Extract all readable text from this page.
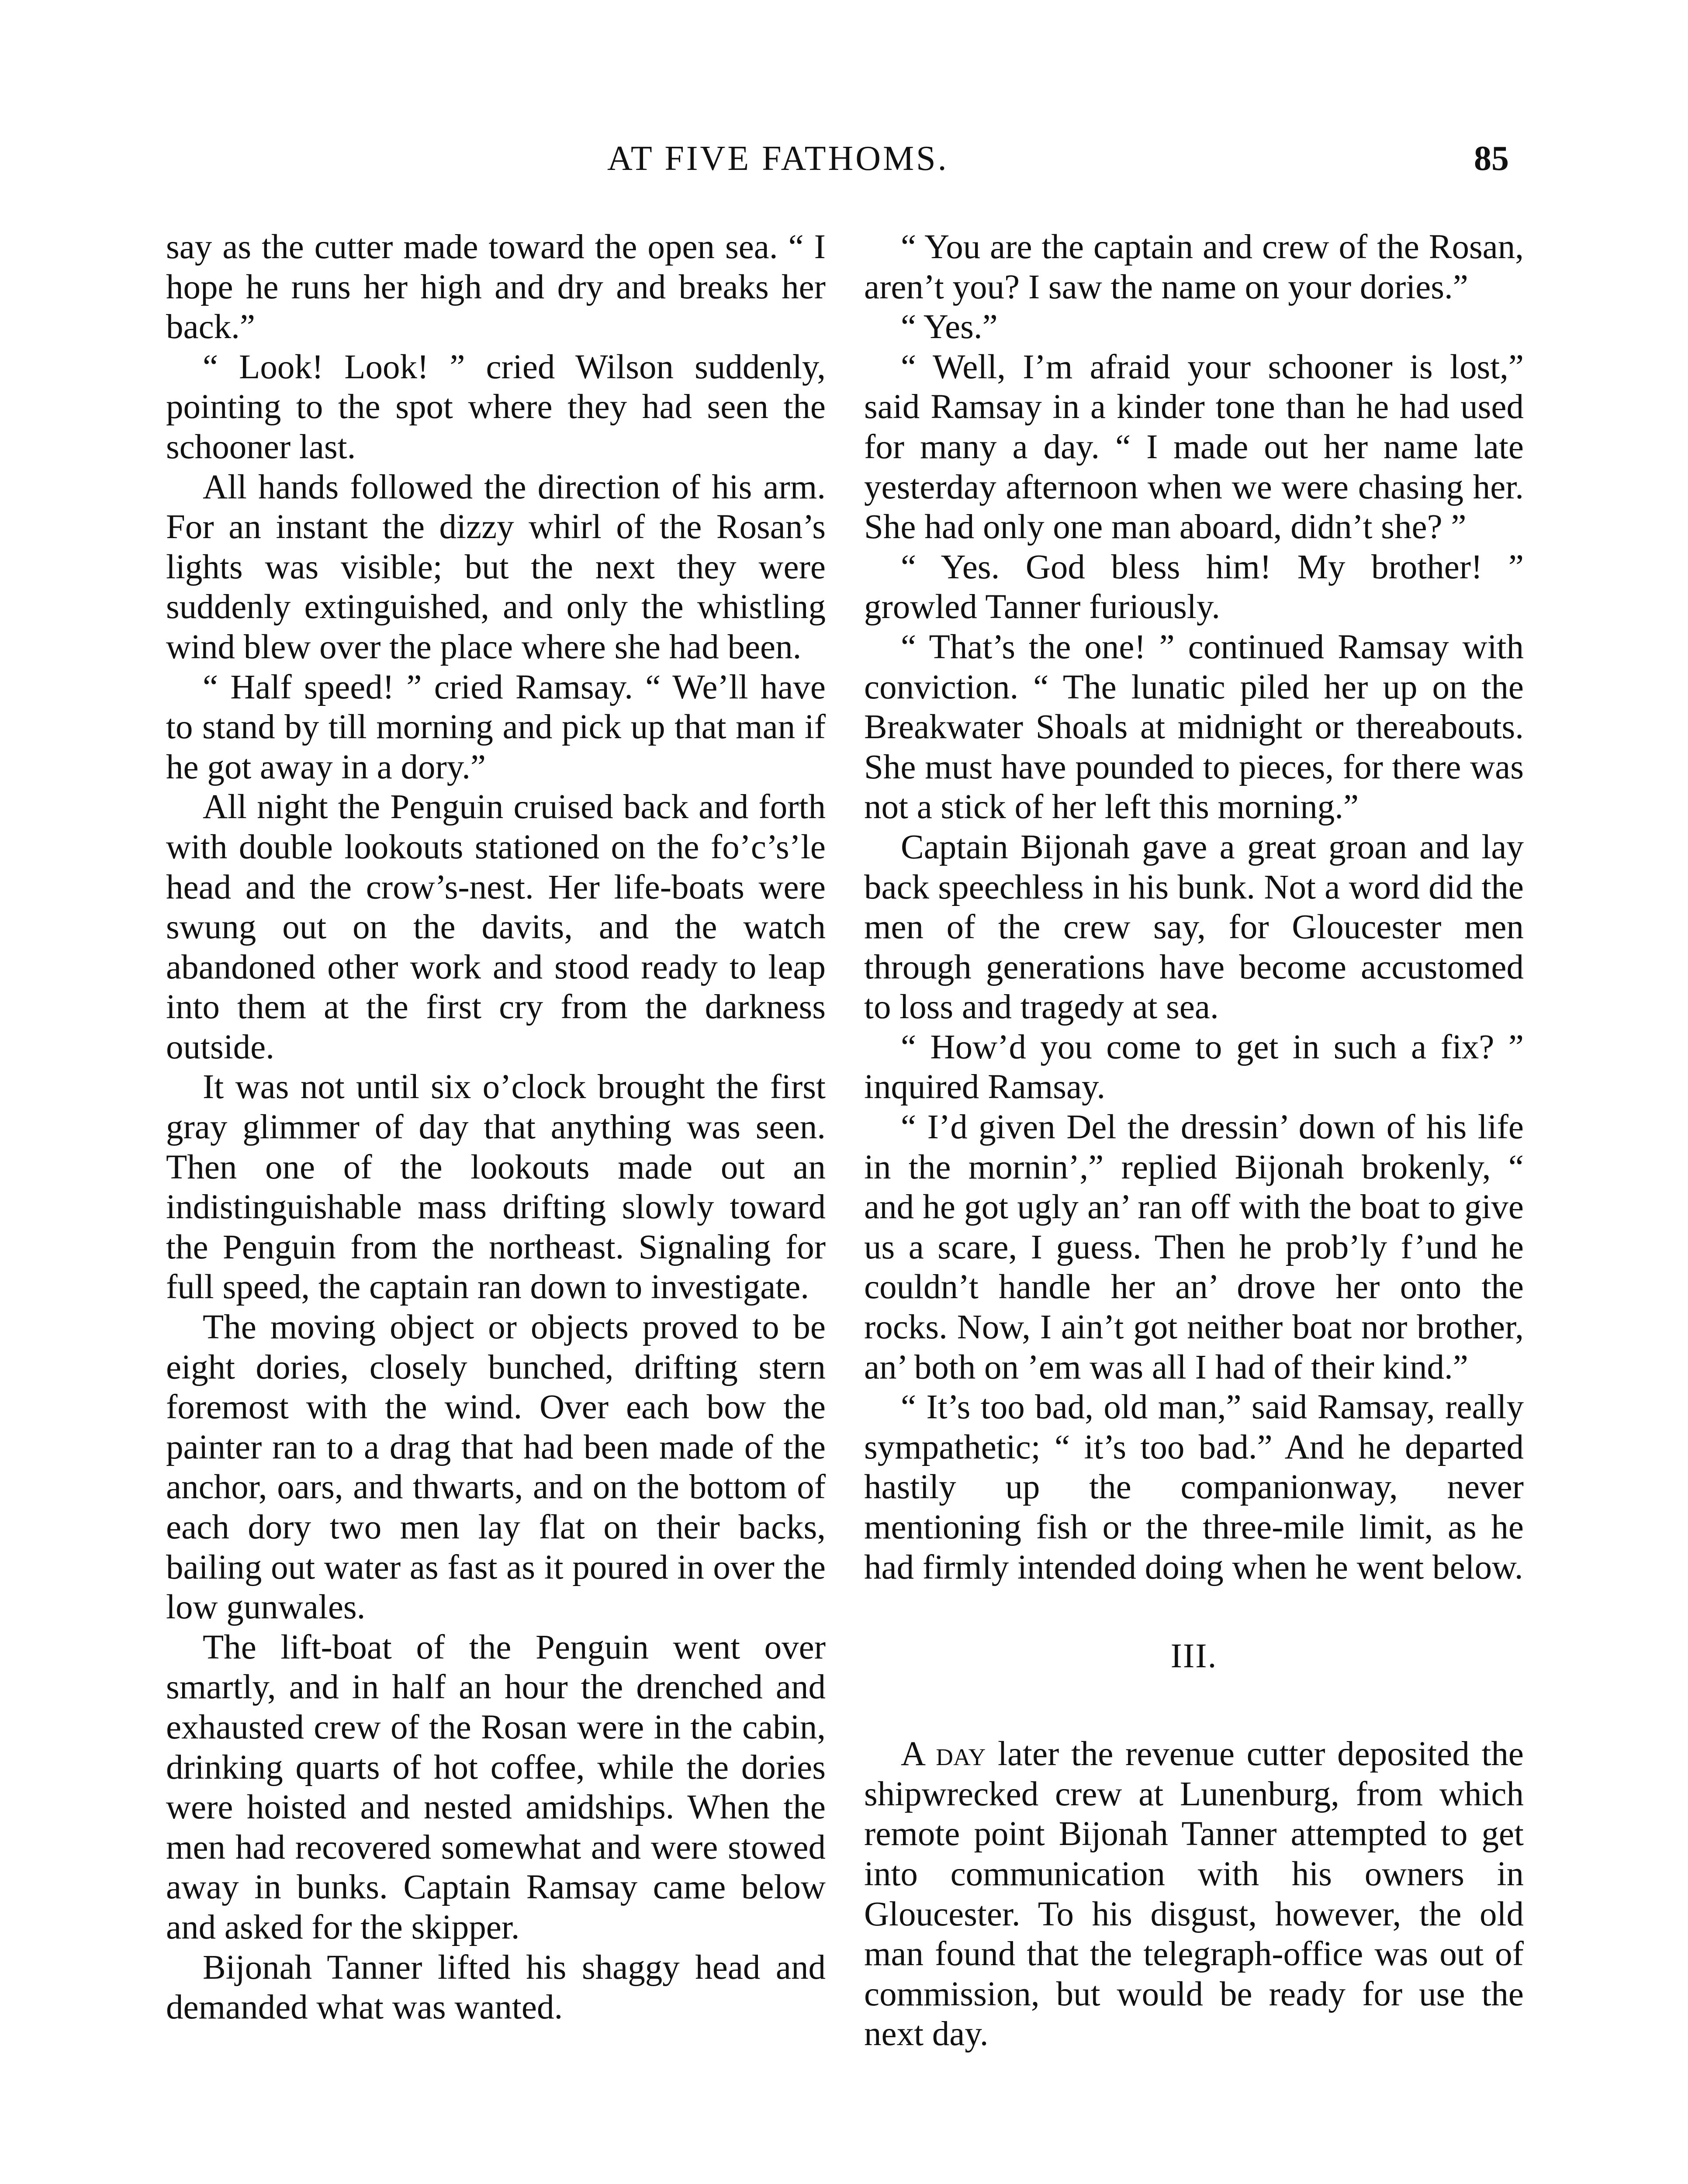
AT FIVE FATHOMS.	85

say as the cutter made toward the open sea. “ I hope he runs her high and dry and breaks her back.”

“ Look! Look! ” cried Wilson suddenly, pointing to the spot where they had seen the schooner last.

All hands followed the direction of his arm. For an instant the dizzy whirl of the Rosan’s lights was visible; but the next they were suddenly extinguished, and only the whistling wind blew over the place where she had been.

“ Half speed! ” cried Ramsay. “ We’ll have to stand by till morning and pick up that man if he got away in a dory.”

All night the Penguin cruised back and forth with double lookouts stationed on the fo’c’s’le head and the crow’s-nest. Her life-boats were swung out on the davits, and the watch abandoned other work and stood ready to leap into them at the first cry from the darkness outside.

It was not until six o’clock brought the first gray glimmer of day that anything was seen. Then one of the lookouts made out an indistinguishable mass drifting slowly toward the Penguin from the northeast. Signaling for full speed, the captain ran down to investigate.

The moving object or objects proved to be eight dories, closely bunched, drifting stern foremost with the wind. Over each bow the painter ran to a drag that had been made of the anchor, oars, and thwarts, and on the bottom of each dory two men lay flat on their backs, bailing out water as fast as it poured in over the low gunwales.

The lift-boat of the Penguin went over smartly, and in half an hour the drenched and exhausted crew of the Rosan were in the cabin, drinking quarts of hot coffee, while the dories were hoisted and nested amidships. When the men had recovered somewhat and were stowed away in bunks. Captain Ramsay came below and asked for the skipper.

Bijonah Tanner lifted his shaggy head and demanded what was wanted.

“ You are the captain and crew of the Rosan, aren’t you? I saw the name on your dories.”

“ Yes.”

“ Well, I’m afraid your schooner is lost,” said Ramsay in a kinder tone than he had used for many a day. “ I made out her name late yesterday afternoon when we were chasing her. She had only one man aboard, didn’t she? ”

“ Yes. God bless him! My brother! ” growled Tanner furiously.

“ That’s the one! ” continued Ramsay with conviction. “ The lunatic piled her up on the Breakwater Shoals at midnight or thereabouts. She must have pounded to pieces, for there was not a stick of her left this morning.”

Captain Bijonah gave a great groan and lay back speechless in his bunk. Not a word did the men of the crew say, for Gloucester men through generations have become accustomed to loss and tragedy at sea.

“ How’d you come to get in such a fix? ” inquired Ramsay.

“ I’d given Del the dressin’ down of his life in the mornin’,” replied Bijonah brokenly, “ and he got ugly an’ ran off with the boat to give us a scare, I guess. Then he prob’ly f’und he couldn’t handle her an’ drove her onto the rocks. Now, I ain’t got neither boat nor brother, an’ both on ’em was all I had of their kind.”

“ It’s too bad, old man,” said Ramsay, really sympathetic; “ it’s too bad.” And he departed hastily up the companionway, never mentioning fish or the three-mile limit, as he had firmly intended doing when he went below.

III.

A day later the revenue cutter deposited the shipwrecked crew at Lunenburg, from which remote point Bijonah Tanner attempted to get into communication with his owners in Gloucester. To his disgust, however, the old man found that the telegraph-office was out of commission, but would be ready for use the next day.
